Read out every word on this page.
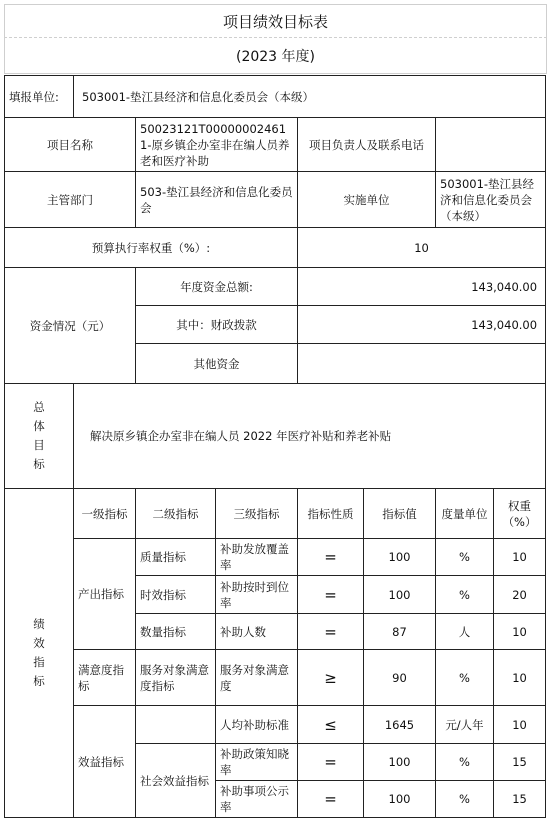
项目绩效目标表
(2023 年度)
填报单位:	503001-垫江县经济和信息化委员会（本级）						
项目名称		50023121T000000024611-原乡镇企办室非在编人员养老和医疗补助		项目负责人及联系电话			
主管部门		503-垫江县经济和信息化委员会		实施单位		503001-垫江县经济和信息化委员会（本级）	
预算执行率权重（%）:				10			
资金情况（元）		年度资金总额:		143,040.00			
		其中：财政拨款		143,040.00			
		其他资金					
总体目标	解决原乡镇企办室非在编人员 2022 年医疗补贴和养老补贴						
绩效指标	一级指标	二级指标	三级指标	指标性质	指标值	度量单位	权重（%）
	产出指标	质量指标	补助发放覆盖率	=	100	%	10
		时效指标	补助按时到位率	=	100	%	20
		数量指标	补助人数	=	87	人	10
	满意度指标	服务对象满意度指标	服务对象满意度	≥	90	%	10
	效益指标		人均补助标准	≤	1645	元/人年	10
		社会效益指标	补助政策知晓率	=	100	%	15
			补助事项公示率	=	100	%	15
